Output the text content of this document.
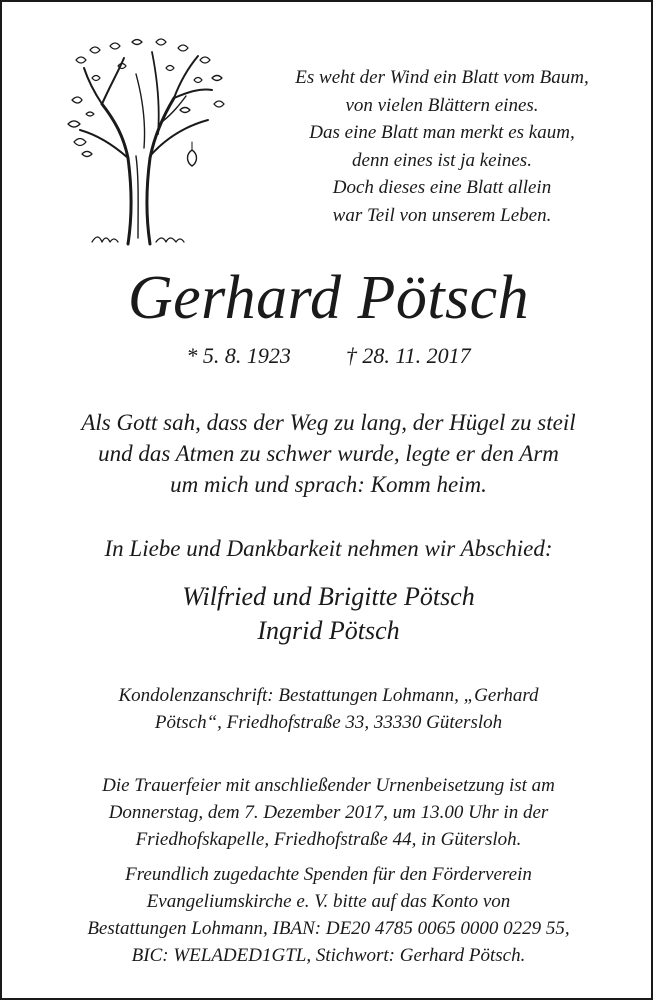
Es weht der Wind ein Blatt vom Baum,
von vielen Blättern eines.
Das eine Blatt man merkt es kaum,
denn eines ist ja keines.
Doch dieses eine Blatt allein
war Teil von unserem Leben.
Gerhard Pötsch
* 5. 8. 1923	† 28. 11. 2017
Als Gott sah, dass der Weg zu lang, der Hügel zu steil
und das Atmen zu schwer wurde, legte er den Arm
um mich und sprach: Komm heim.
In Liebe und Dankbarkeit nehmen wir Abschied:
Wilfried und Brigitte Pötsch
Ingrid Pötsch
Kondolenzanschrift: Bestattungen Lohmann, „Gerhard
Pötsch“, Friedhofstraße 33, 33330 Gütersloh
Die Trauerfeier mit anschließender Urnenbeisetzung ist am
Donnerstag, dem 7. Dezember 2017, um 13.00 Uhr in der
Friedhofskapelle, Friedhofstraße 44, in Gütersloh.
Freundlich zugedachte Spenden für den Förderverein
Evangeliumskirche e. V. bitte auf das Konto von
Bestattungen Lohmann, IBAN: DE20 4785 0065 0000 0229 55,
BIC: WELADED1GTL, Stichwort: Gerhard Pötsch.
